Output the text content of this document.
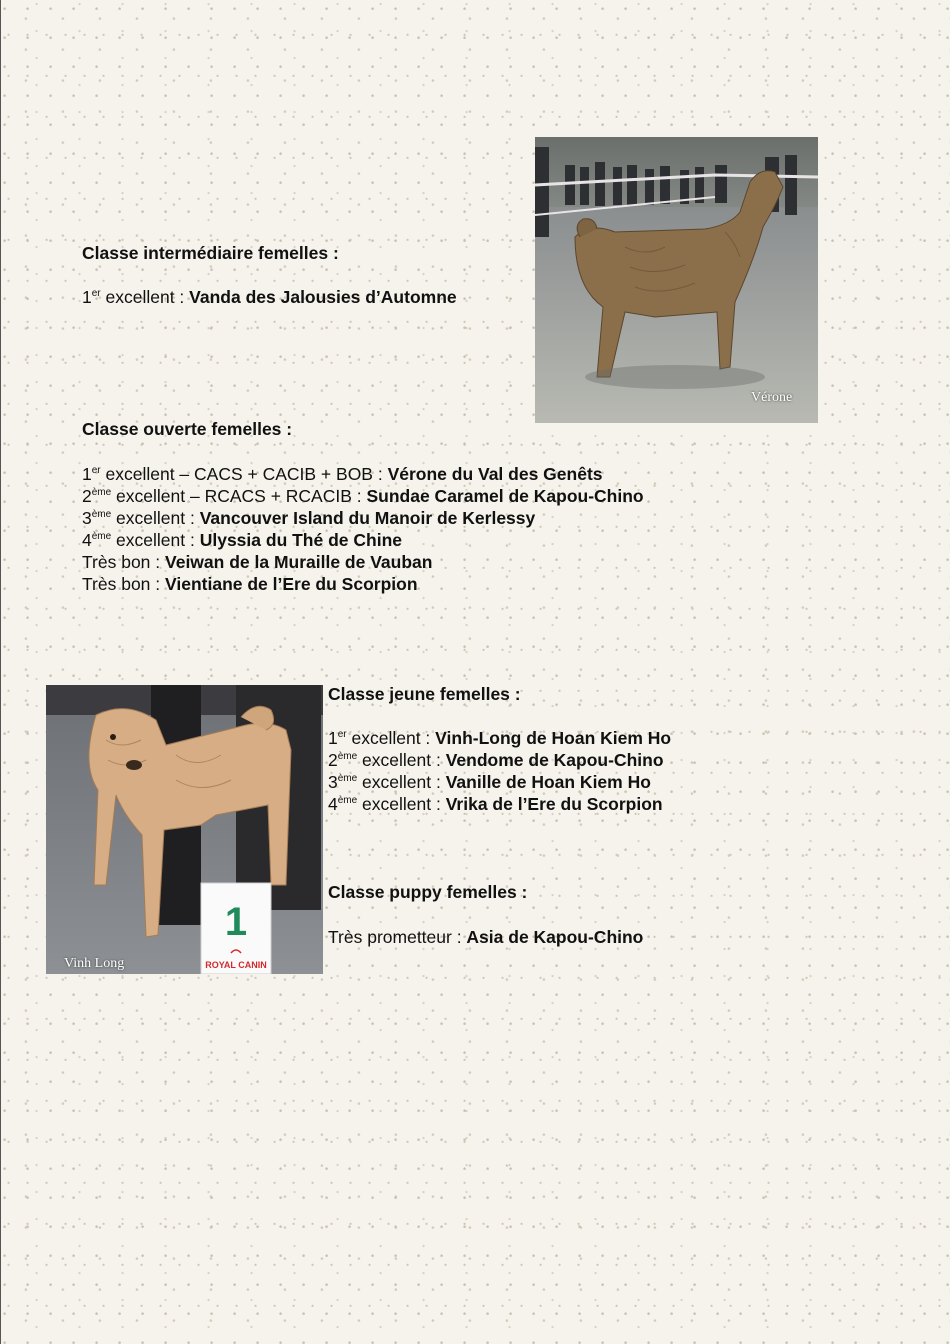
Vérone
1
ROYAL CANIN
Vinh Long
Classe intermédiaire femelles :
1er excellent : Vanda des Jalousies d’Automne
Classe ouverte femelles :
1er excellent – CACS + CACIB + BOB : Vérone du Val des Genêts
2ème excellent – RCACS + RCACIB : Sundae Caramel de Kapou-Chino
3ème excellent : Vancouver Island du Manoir de Kerlessy
4ème excellent : Ulyssia du Thé de Chine
Très bon : Veiwan de la Muraille de Vauban
Très bon : Vientiane de l’Ere du Scorpion
Classe jeune femelles :
1er excellent : Vinh-Long de Hoan Kiem Ho
2ème excellent : Vendome de Kapou-Chino
3ème excellent : Vanille de Hoan Kiem Ho
4ème excellent : Vrika de l’Ere du Scorpion
Classe puppy femelles :
Très prometteur : Asia de Kapou-Chino
